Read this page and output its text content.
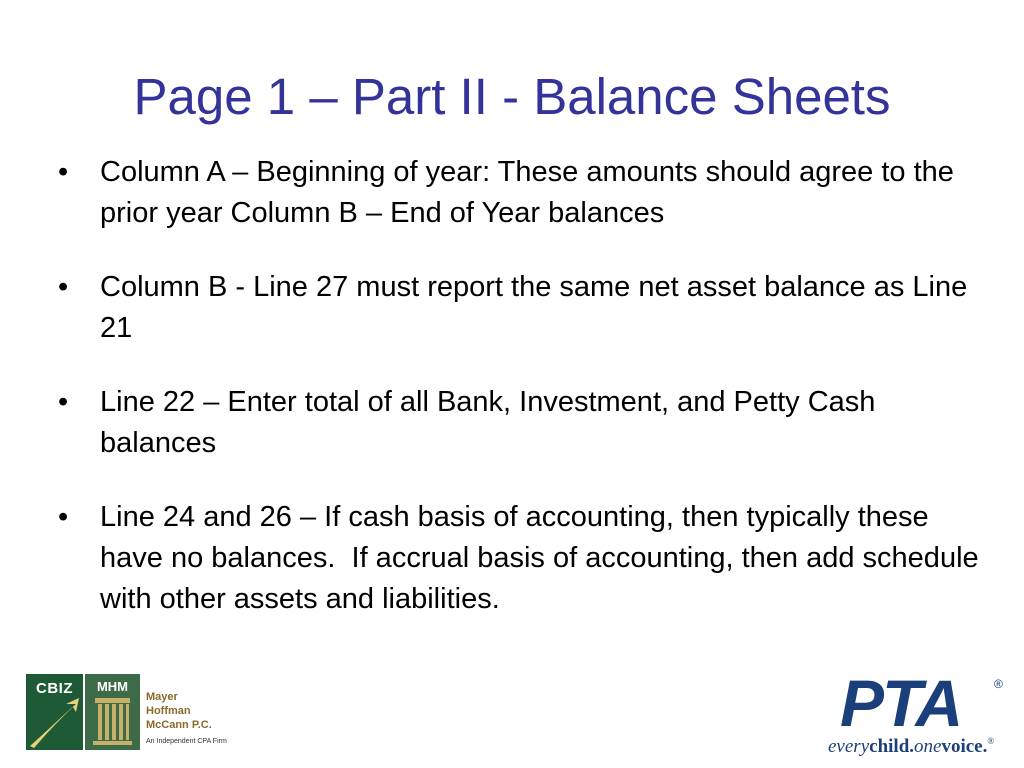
Page 1 – Part II - Balance Sheets
•	Column A – Beginning of year: These amounts should agree to the prior year Column B – End of Year balances
•	Column B - Line 27 must report the same net asset balance as Line 21
•	Line 22 – Enter total of all Bank, Investment, and Petty Cash balances
•	Line 24 and 26 – If cash basis of accounting, then typically these have no balances.  If accrual basis of accounting, then add schedule with other assets and liabilities.
CBIZ	MHM
Mayer
Hoffman
McCann P.C.
An Independent CPA Firm
PTA	®
everychild.onevoice.®
